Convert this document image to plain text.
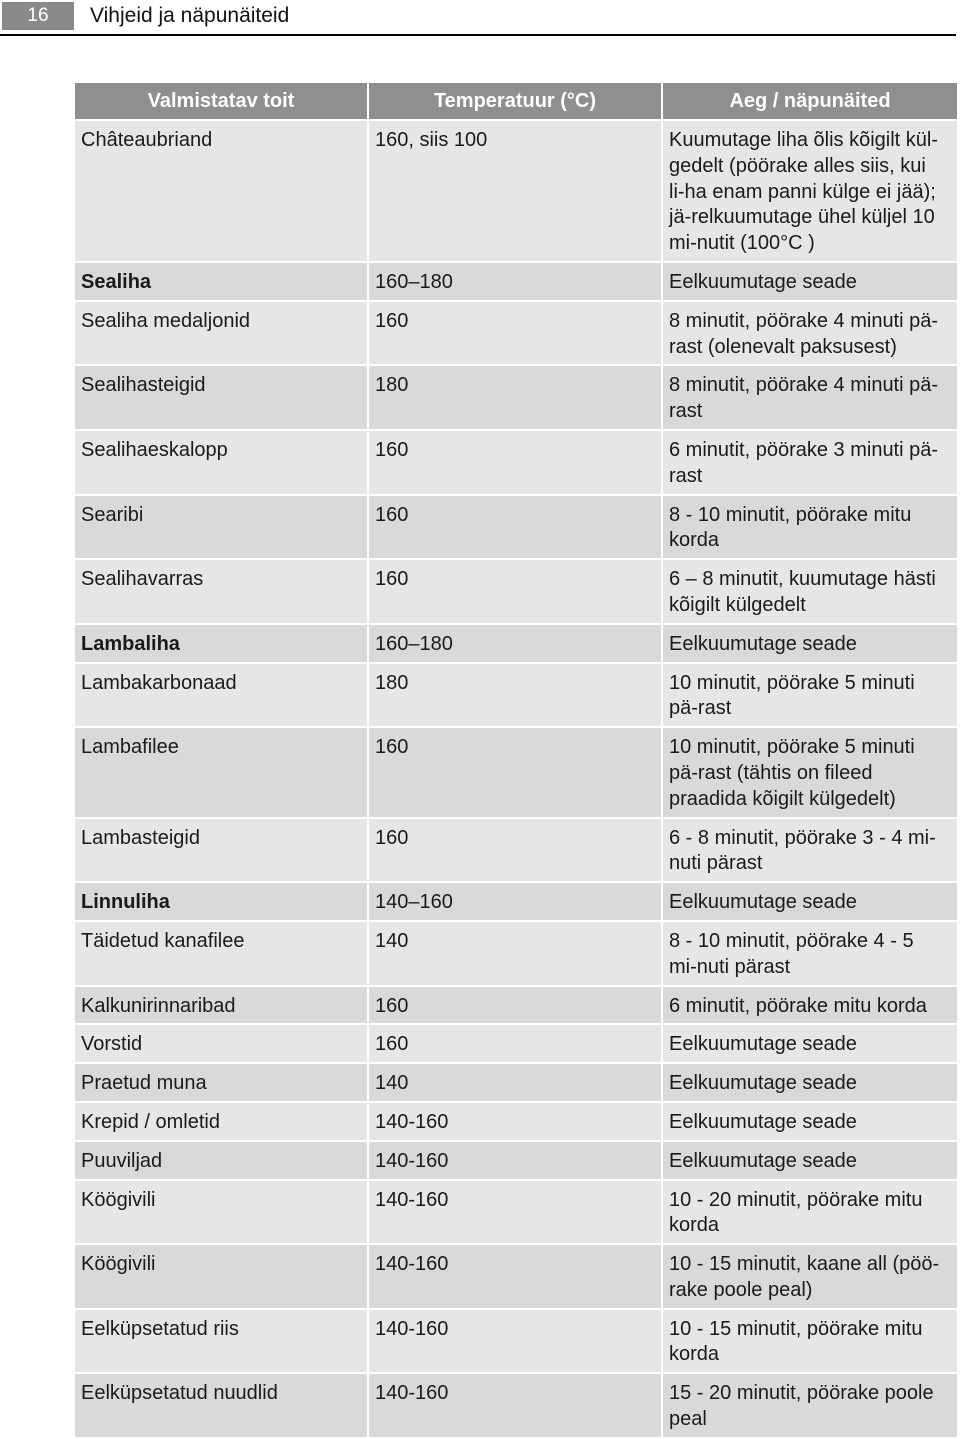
16	Vihjeid ja näpunäiteid
Valmistatav toit	Temperatuur (°C)	Aeg / näpunäited
Châteaubriand	160, siis 100	Kuumutage liha õlis kõigilt kül-gedelt (pöörake alles siis, kui li-ha enam panni külge ei jää); jä-relkuumutage ühel küljel 10 mi-nutit (100°C )
Sealiha	160–180	Eelkuumutage seade
Sealiha medaljonid	160	8 minutit, pöörake 4 minuti pä-rast (olenevalt paksusest)
Sealihasteigid	180	8 minutit, pöörake 4 minuti pä-rast
Sealihaeskalopp	160	6 minutit, pöörake 3 minuti pä-rast
Searibi	160	8 - 10 minutit, pöörake mitu korda
Sealihavarras	160	6 – 8 minutit, kuumutage hästi kõigilt külgedelt
Lambaliha	160–180	Eelkuumutage seade
Lambakarbonaad	180	10 minutit, pöörake 5 minuti pä-rast
Lambafilee	160	10 minutit, pöörake 5 minuti pä-rast (tähtis on fileed praadida kõigilt külgedelt)
Lambasteigid	160	6 - 8 minutit, pöörake 3 - 4 mi-nuti pärast
Linnuliha	140–160	Eelkuumutage seade
Täidetud kanafilee	140	8 - 10 minutit, pöörake 4 - 5 mi-nuti pärast
Kalkunirinnaribad	160	6 minutit, pöörake mitu korda
Vorstid	160	Eelkuumutage seade
Praetud muna	140	Eelkuumutage seade
Krepid / omletid	140-160	Eelkuumutage seade
Puuviljad	140-160	Eelkuumutage seade
Köögivili	140-160	10 - 20 minutit, pöörake mitu korda
Köögivili	140-160	10 - 15 minutit, kaane all (pöö-rake poole peal)
Eelküpsetatud riis	140-160	10 - 15 minutit, pöörake mitu korda
Eelküpsetatud nuudlid	140-160	15 - 20 minutit, pöörake poole peal
